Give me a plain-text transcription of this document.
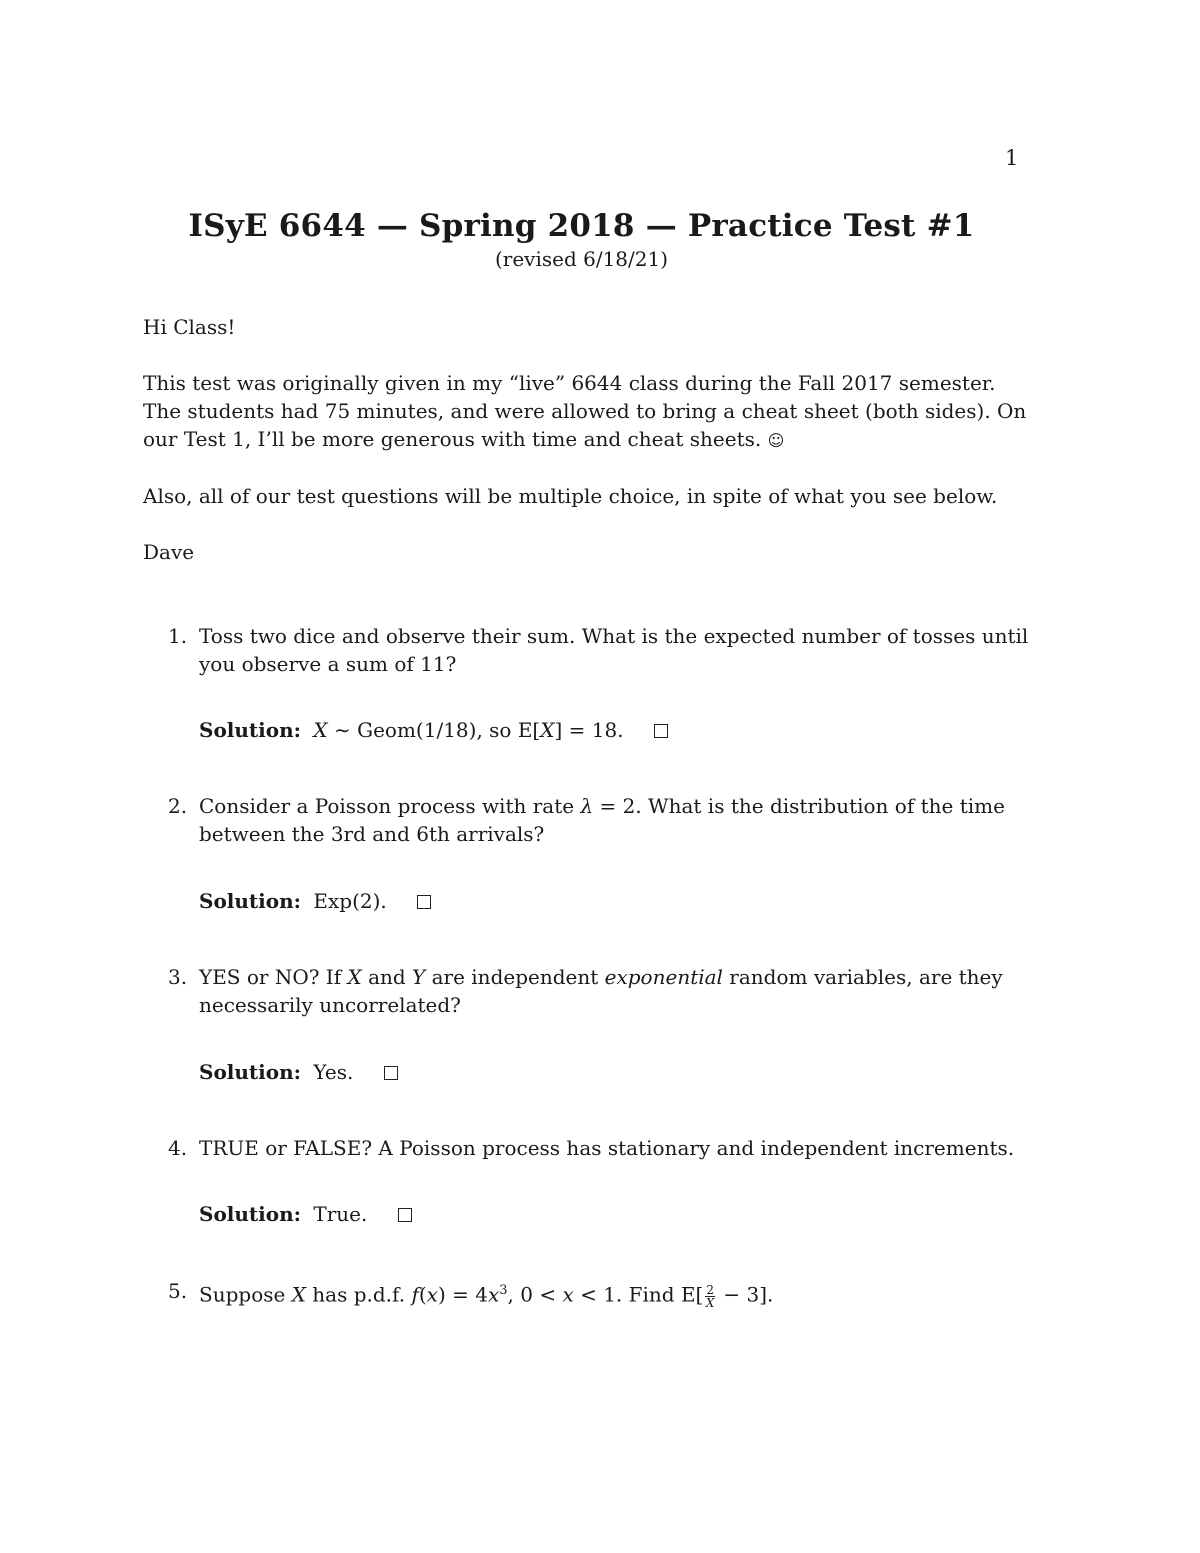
1
ISyE 6644 — Spring 2018 — Practice Test #1
(revised 6/18/21)
Hi Class!
This test was originally given in my “live” 6644 class during the Fall 2017 semester. The students had 75 minutes, and were allowed to bring a cheat sheet (both sides). On our Test 1, I’ll be more generous with time and cheat sheets. ☺
Also, all of our test questions will be multiple choice, in spite of what you see below.
Dave
1. Toss two dice and observe their sum. What is the expected number of tosses until you observe a sum of 11?
Solution: X ∼ Geom(1/18), so E[X] = 18.
2. Consider a Poisson process with rate λ = 2. What is the distribution of the time between the 3rd and 6th arrivals?
Solution: Exp(2).
3. YES or NO? If X and Y are independent exponential random variables, are they necessarily uncorrelated?
Solution: Yes.
4. TRUE or FALSE? A Poisson process has stationary and independent increments.
Solution: True.
5. Suppose X has p.d.f. $f(x) = 4x^3$, 0 < x < 1. Find $E[ \frac{2}{X} - 3]$.
